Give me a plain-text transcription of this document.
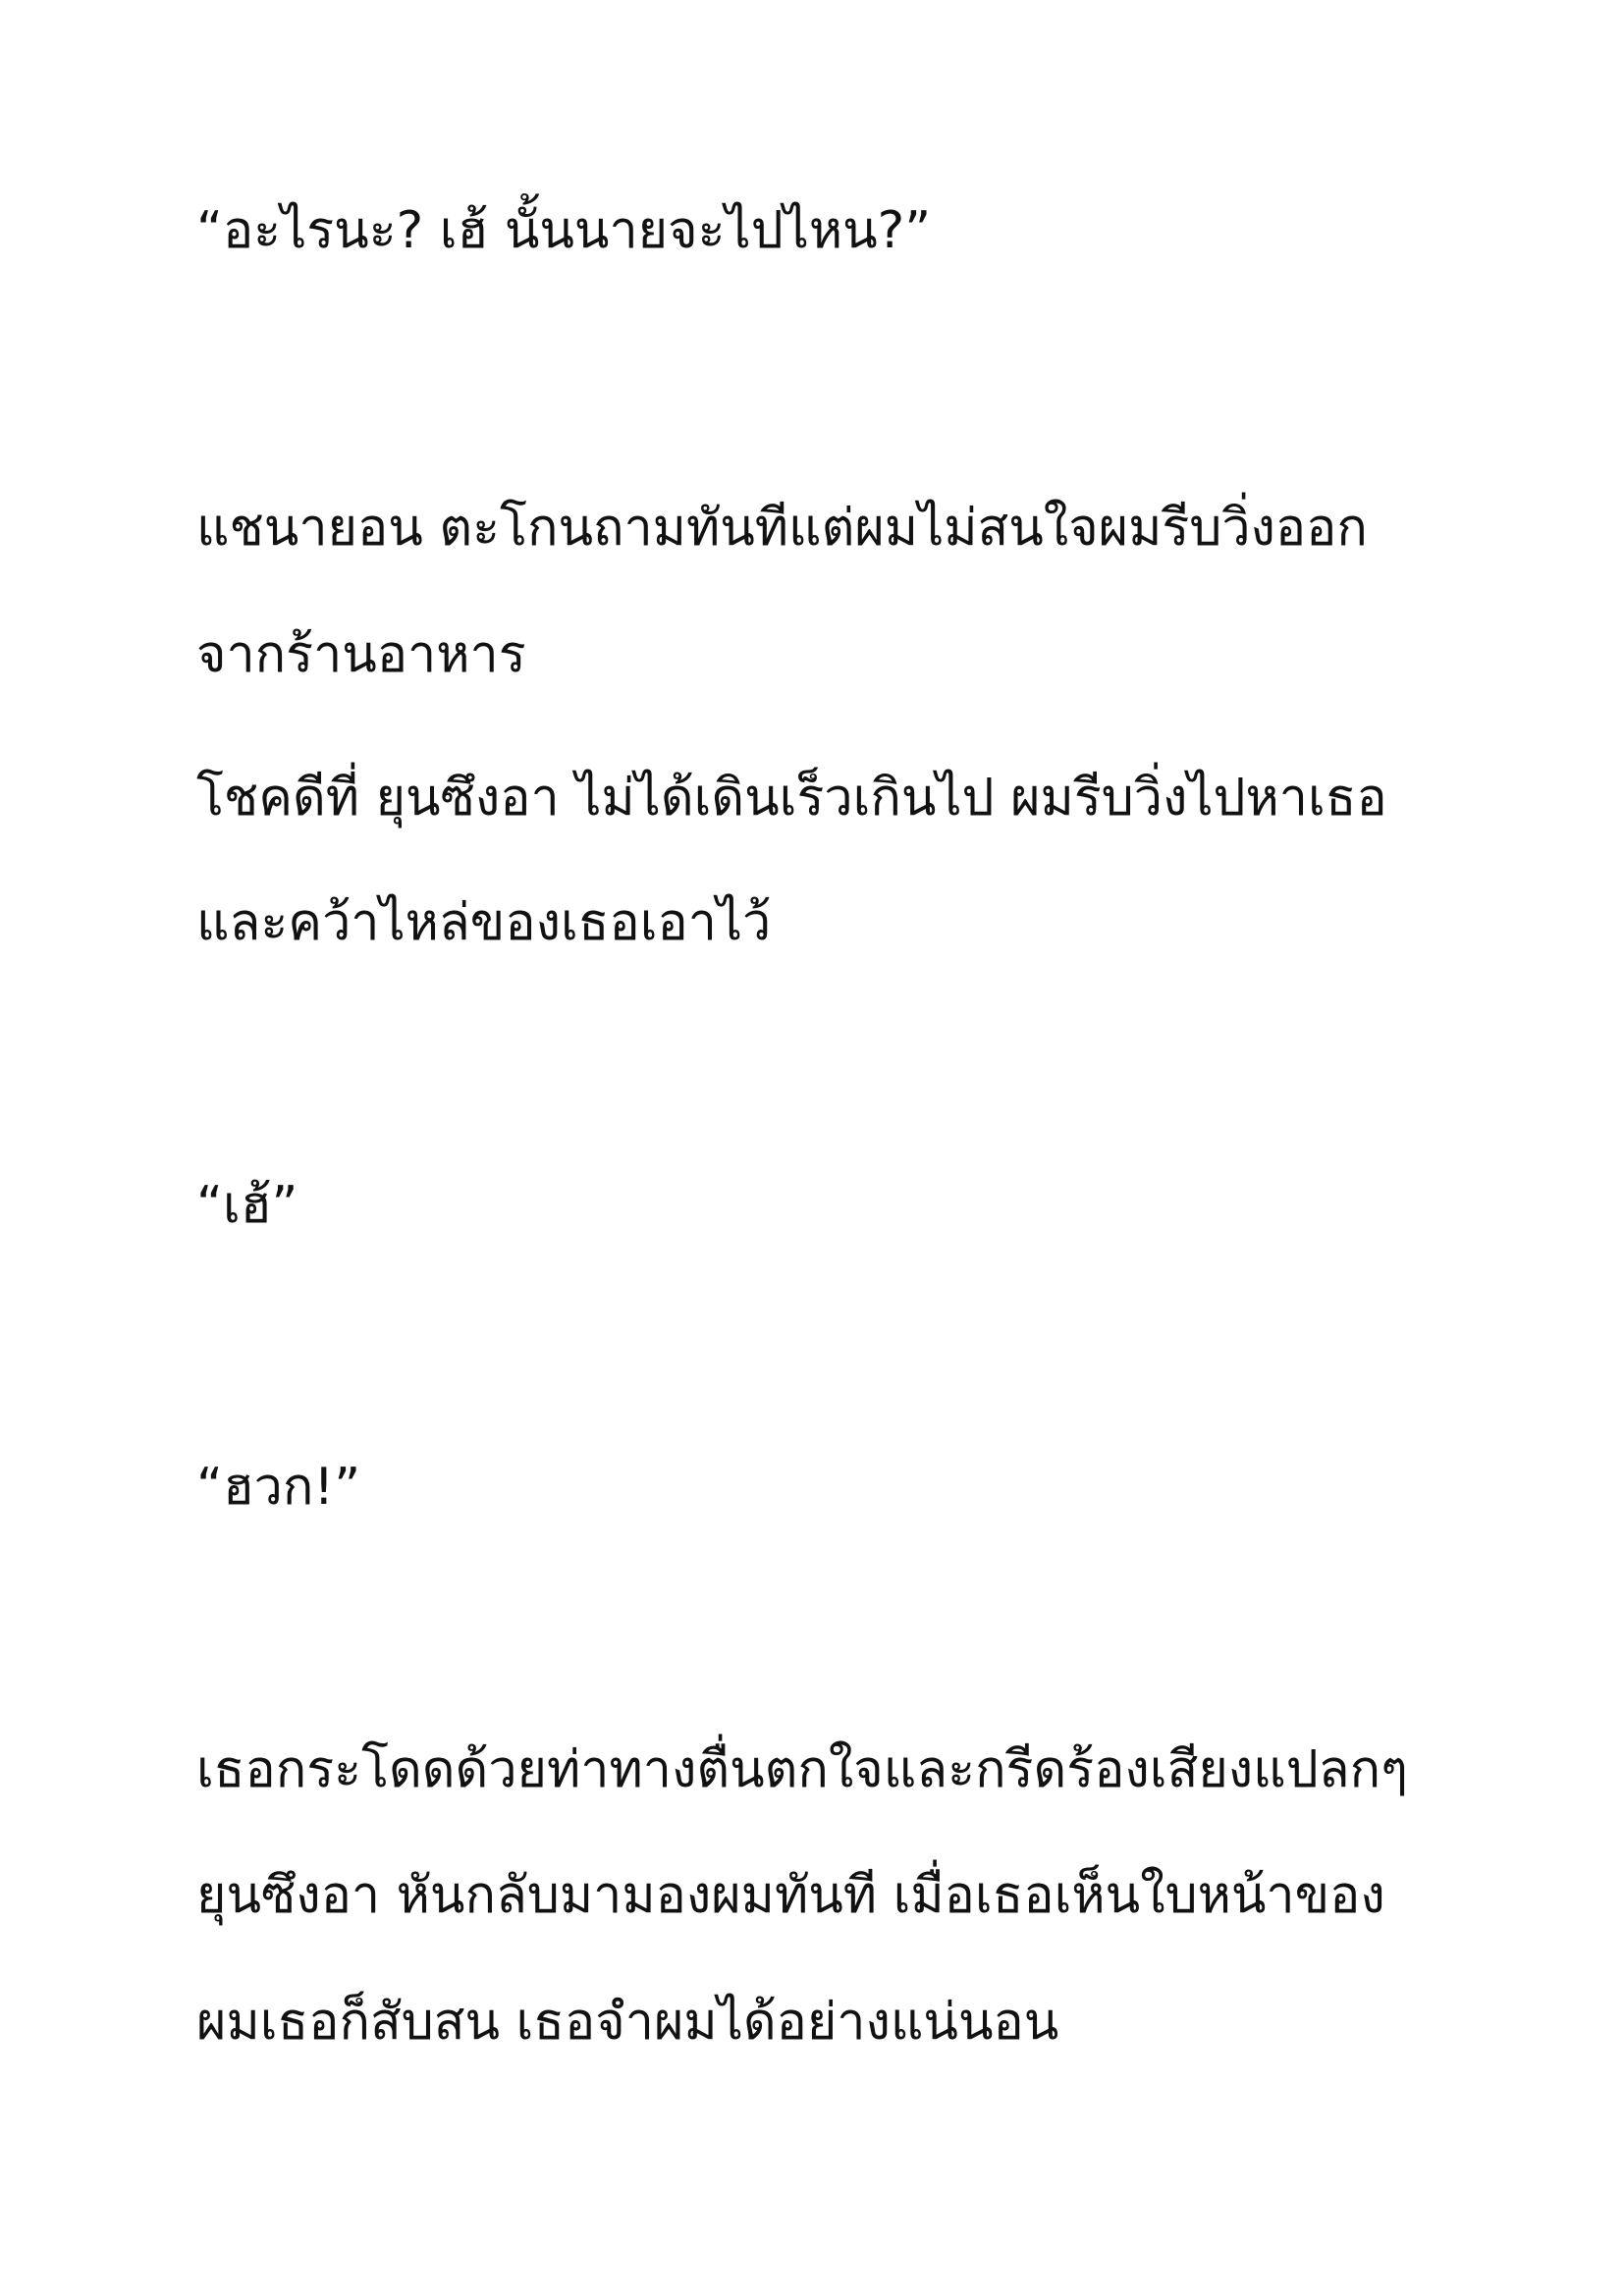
“อะไรนะ? เฮ้ นั้นนายจะไปไหน?”

แชนายอน ตะโกนถามทันทีแต่ผมไม่สนใจผมรีบวิ่งออก

จากร้านอาหาร

โชคดีที่ ยุนซึงอา ไม่ได้เดินเร็วเกินไป ผมรีบวิ่งไปหาเธอ

และคว้าไหล่ของเธอเอาไว้

“เฮ้”

“ฮวก!”

เธอกระโดดด้วยท่าทางตื่นตกใจและกรีดร้องเสียงแปลกๆ

ยุนซึงอา หันกลับมามองผมทันที เมื่อเธอเห็นใบหน้าของ

ผมเธอก็สับสน เธอจำผมได้อย่างแน่นอน
